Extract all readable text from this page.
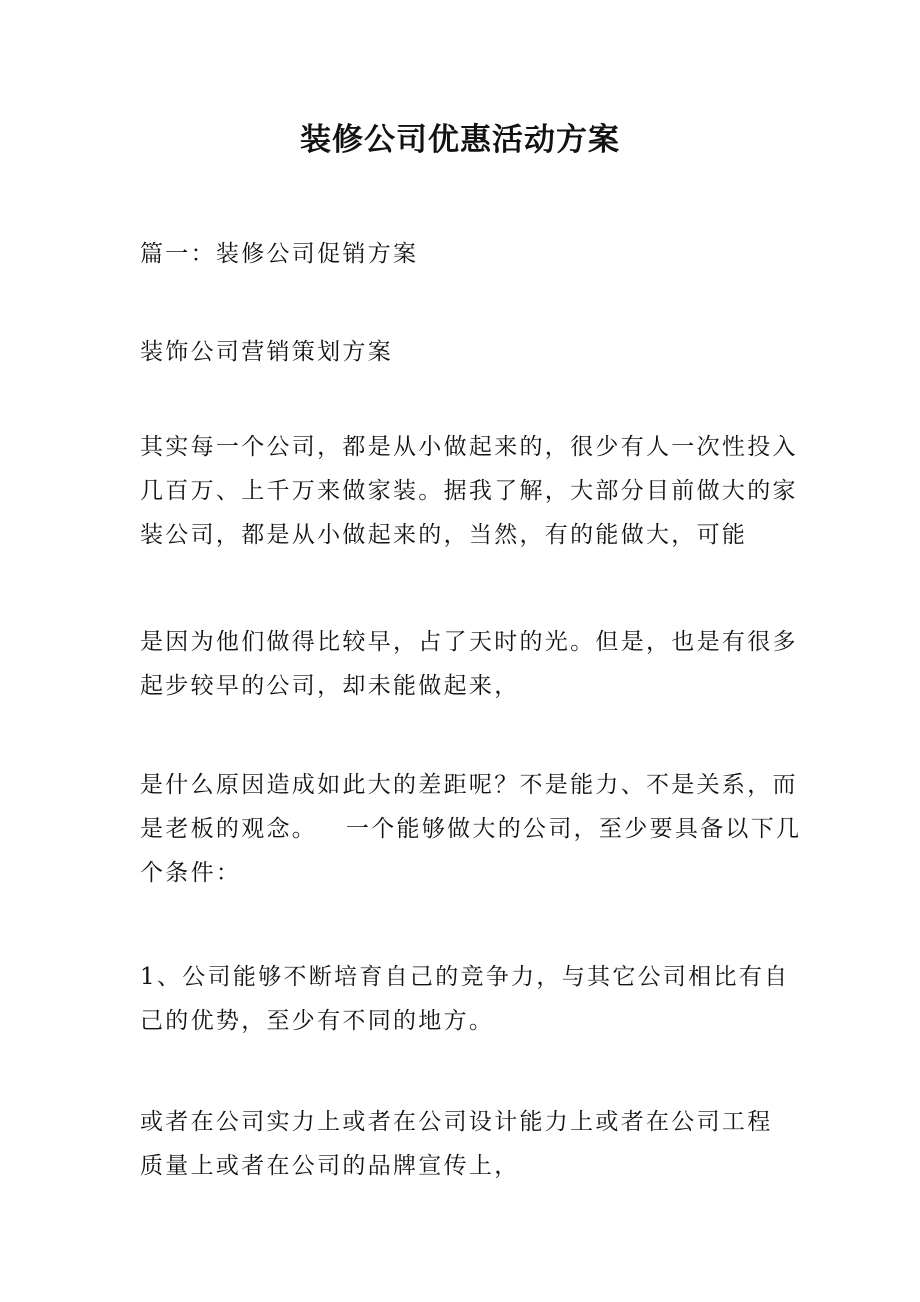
装修公司优惠活动方案

篇一：装修公司促销方案

装饰公司营销策划方案

其实每一个公司，都是从小做起来的，很少有人一次性投入
几百万、上千万来做家装。据我了解，大部分目前做大的家
装公司，都是从小做起来的，当然，有的能做大，可能

是因为他们做得比较早，占了天时的光。但是，也是有很多
起步较早的公司，却未能做起来，

是什么原因造成如此大的差距呢？不是能力、不是关系，而
是老板的观念。   一个能够做大的公司，至少要具备以下几
个条件：

1、公司能够不断培育自己的竞争力，与其它公司相比有自
己的优势，至少有不同的地方。

或者在公司实力上或者在公司设计能力上或者在公司工程
质量上或者在公司的品牌宣传上，
